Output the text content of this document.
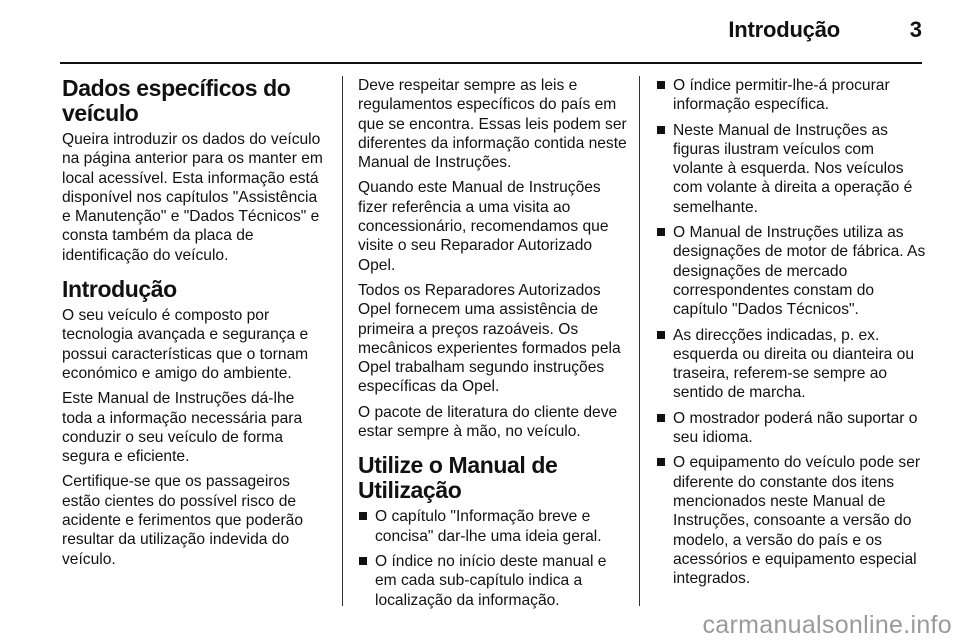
Introdução	3
Dados específicos do veículo

Queira introduzir os dados do veículo na página anterior para os manter em local acessível. Esta informação está disponível nos capítulos "Assistência e Manutenção" e "Dados Técnicos" e consta também da placa de identificação do veículo.

Introdução

O seu veículo é composto por tecnologia avançada e segurança e possui características que o tornam económico e amigo do ambiente.

Este Manual de Instruções dá-lhe toda a informação necessária para conduzir o seu veículo de forma segura e eficiente.

Certifique-se que os passageiros estão cientes do possível risco de acidente e ferimentos que poderão resultar da utilização indevida do veículo.

Deve respeitar sempre as leis e regulamentos específicos do país em que se encontra. Essas leis podem ser diferentes da informação contida neste Manual de Instruções.

Quando este Manual de Instruções fizer referência a uma visita ao concessionário, recomendamos que visite o seu Reparador Autorizado Opel.

Todos os Reparadores Autorizados Opel fornecem uma assistência de primeira a preços razoáveis. Os mecânicos experientes formados pela Opel trabalham segundo instruções específicas da Opel.

O pacote de literatura do cliente deve estar sempre à mão, no veículo.

Utilize o Manual de Utilização
O capítulo "Informação breve e concisa" dar-lhe uma ideia geral.
O índice no início deste manual e em cada sub-capítulo indica a localização da informação.
O índice permitir-lhe-á procurar informação específica.
Neste Manual de Instruções as figuras ilustram veículos com volante à esquerda. Nos veículos com volante à direita a operação é semelhante.
O Manual de Instruções utiliza as designações de motor de fábrica. As designações de mercado correspondentes constam do capítulo "Dados Técnicos".
As direcções indicadas, p. ex. esquerda ou direita ou dianteira ou traseira, referem-se sempre ao sentido de marcha.
O mostrador poderá não suportar o seu idioma.
O equipamento do veículo pode ser diferente do constante dos itens mencionados neste Manual de Instruções, consoante a versão do modelo, a versão do país e os acessórios e equipamento especial integrados.
carmanualsonline.info
